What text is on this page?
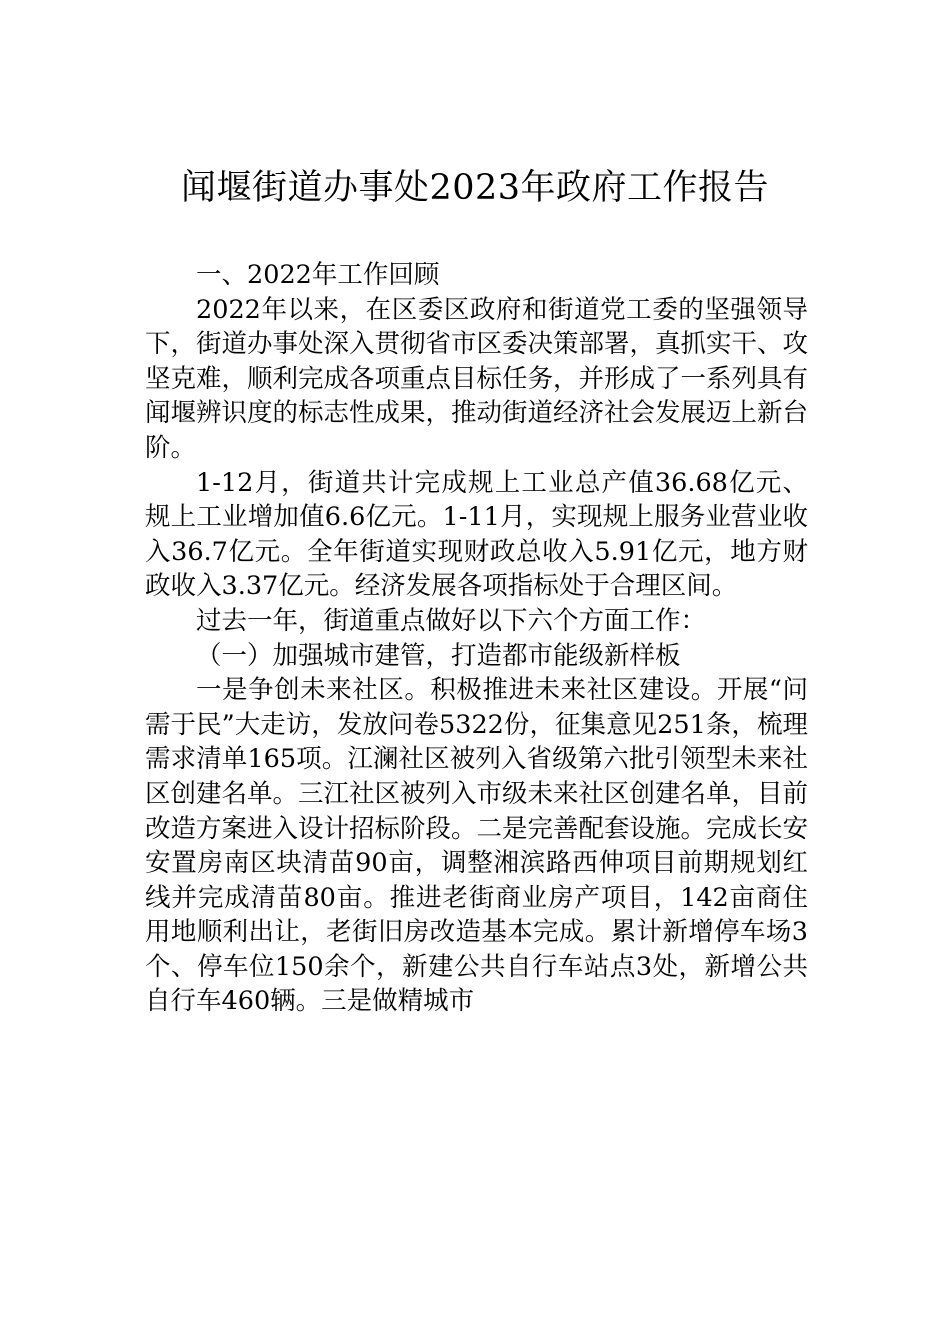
闻堰街道办事处2023年政府工作报告

一、2022年工作回顾

2022年以来，在区委区政府和街道党工委的坚强领导下，街道办事处深入贯彻省市区委决策部署，真抓实干、攻坚克难，顺利完成各项重点目标任务，并形成了一系列具有闻堰辨识度的标志性成果，推动街道经济社会发展迈上新台阶。

1-12月，街道共计完成规上工业总产值36.68亿元、规上工业增加值6.6亿元。1-11月，实现规上服务业营业收入36.7亿元。全年街道实现财政总收入5.91亿元，地方财政收入3.37亿元。经济发展各项指标处于合理区间。

过去一年，街道重点做好以下六个方面工作：

（一）加强城市建管，打造都市能级新样板

一是争创未来社区。积极推进未来社区建设。开展“问需于民”大走访，发放问卷5322份，征集意见251条，梳理需求清单165项。江澜社区被列入省级第六批引领型未来社区创建名单。三江社区被列入市级未来社区创建名单，目前改造方案进入设计招标阶段。二是完善配套设施。完成长安安置房南区块清苗90亩，调整湘滨路西伸项目前期规划红线并完成清苗80亩。推进老街商业房产项目，142亩商住用地顺利出让，老街旧房改造基本完成。累计新增停车场3个、停车位150余个，新建公共自行车站点3处，新增公共自行车460辆。三是做精城市
